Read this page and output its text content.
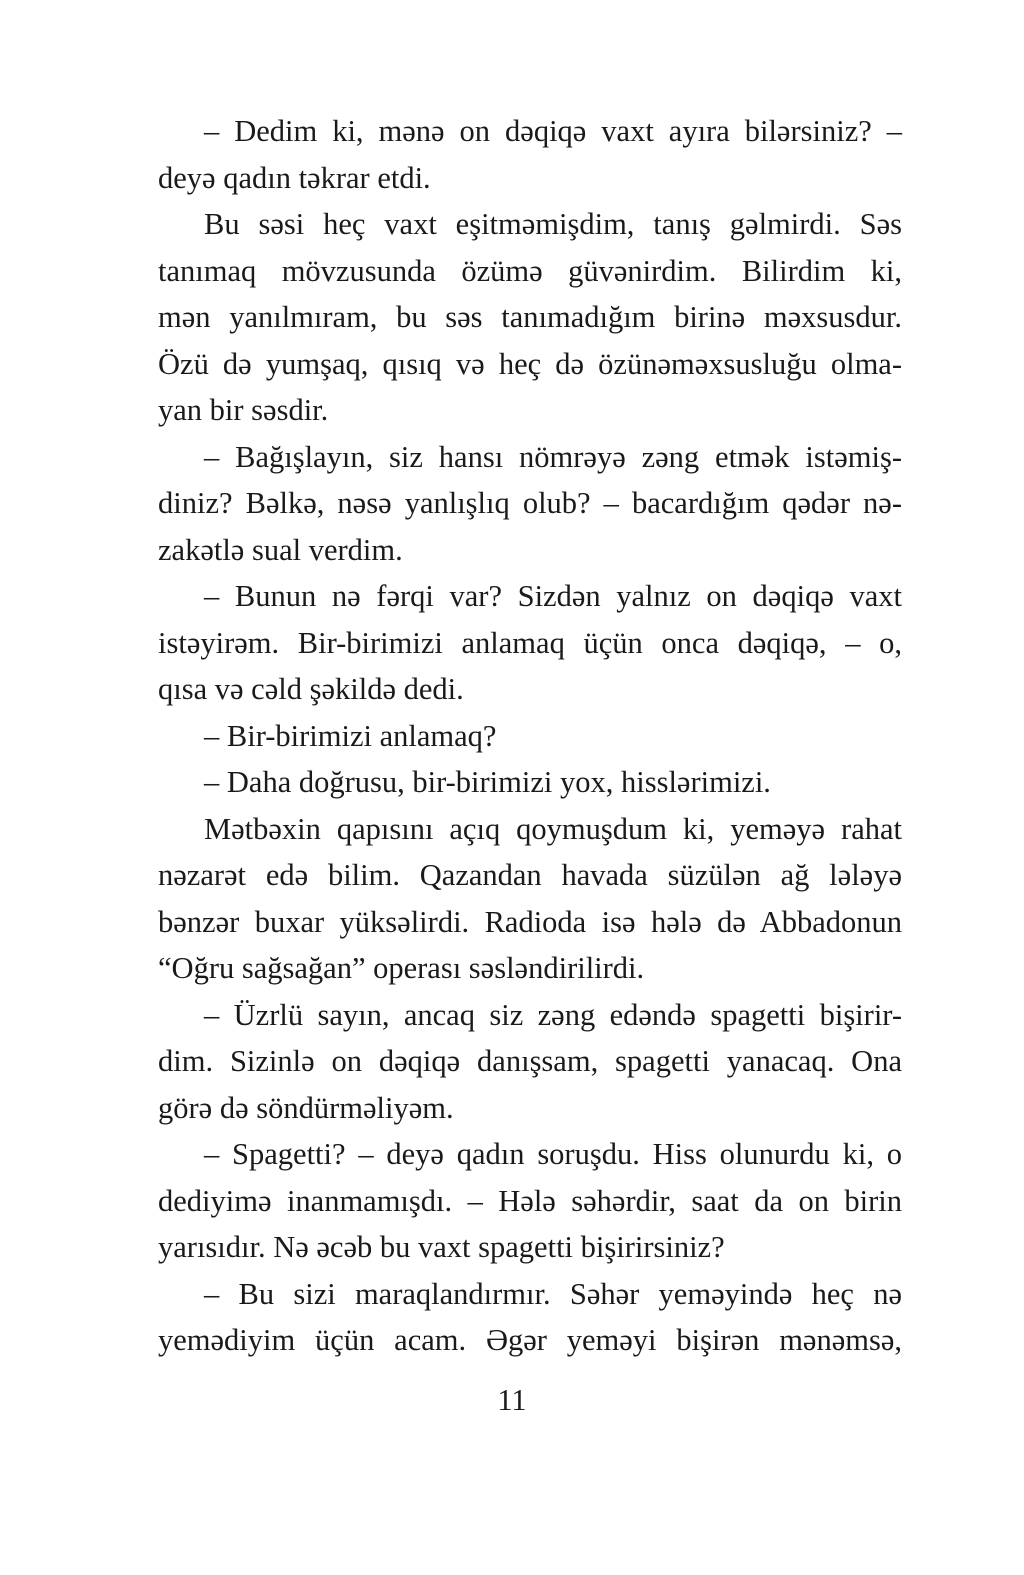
– Dedim ki, mənə on dəqiqə vaxt ayıra bilərsiniz? –
deyə qadın təkrar etdi.
Bu səsi heç vaxt eşitməmişdim, tanış gəlmirdi. Səs
tanımaq mövzusunda özümə güvənirdim. Bilirdim ki,
mən yanılmıram, bu səs tanımadığım birinə məxsusdur.
Özü də yumşaq, qısıq və heç də özünəməxsusluğu olma-
yan bir səsdir.
– Bağışlayın, siz hansı nömrəyə zəng etmək istəmiş-
diniz? Bəlkə, nəsə yanlışlıq olub? – bacardığım qədər nə-
zakətlə sual verdim.
– Bunun nə fərqi var? Sizdən yalnız on dəqiqə vaxt
istəyirəm. Bir-birimizi anlamaq üçün onca dəqiqə, – o,
qısa və cəld şəkildə dedi.
– Bir-birimizi anlamaq?
– Daha doğrusu, bir-birimizi yox, hisslərimizi.
Mətbəxin qapısını açıq qoymuşdum ki, yeməyə rahat
nəzarət edə bilim. Qazandan havada süzülən ağ lələyə
bənzər buxar yüksəlirdi. Radioda isə hələ də Abbadonun
“Oğru sağsağan” operası səsləndirilirdi.
– Üzrlü sayın, ancaq siz zəng edəndə spagetti bişirir-
dim. Sizinlə on dəqiqə danışsam, spagetti yanacaq. Ona
görə də söndürməliyəm.
– Spagetti? – deyə qadın soruşdu. Hiss olunurdu ki, o
dediyimə inanmamışdı. – Hələ səhərdir, saat da on birin
yarısıdır. Nə əcəb bu vaxt spagetti bişirirsiniz?
– Bu sizi maraqlandırmır. Səhər yeməyində heç nə
yemədiyim üçün acam. Əgər yeməyi bişirən mənəmsə,
11
